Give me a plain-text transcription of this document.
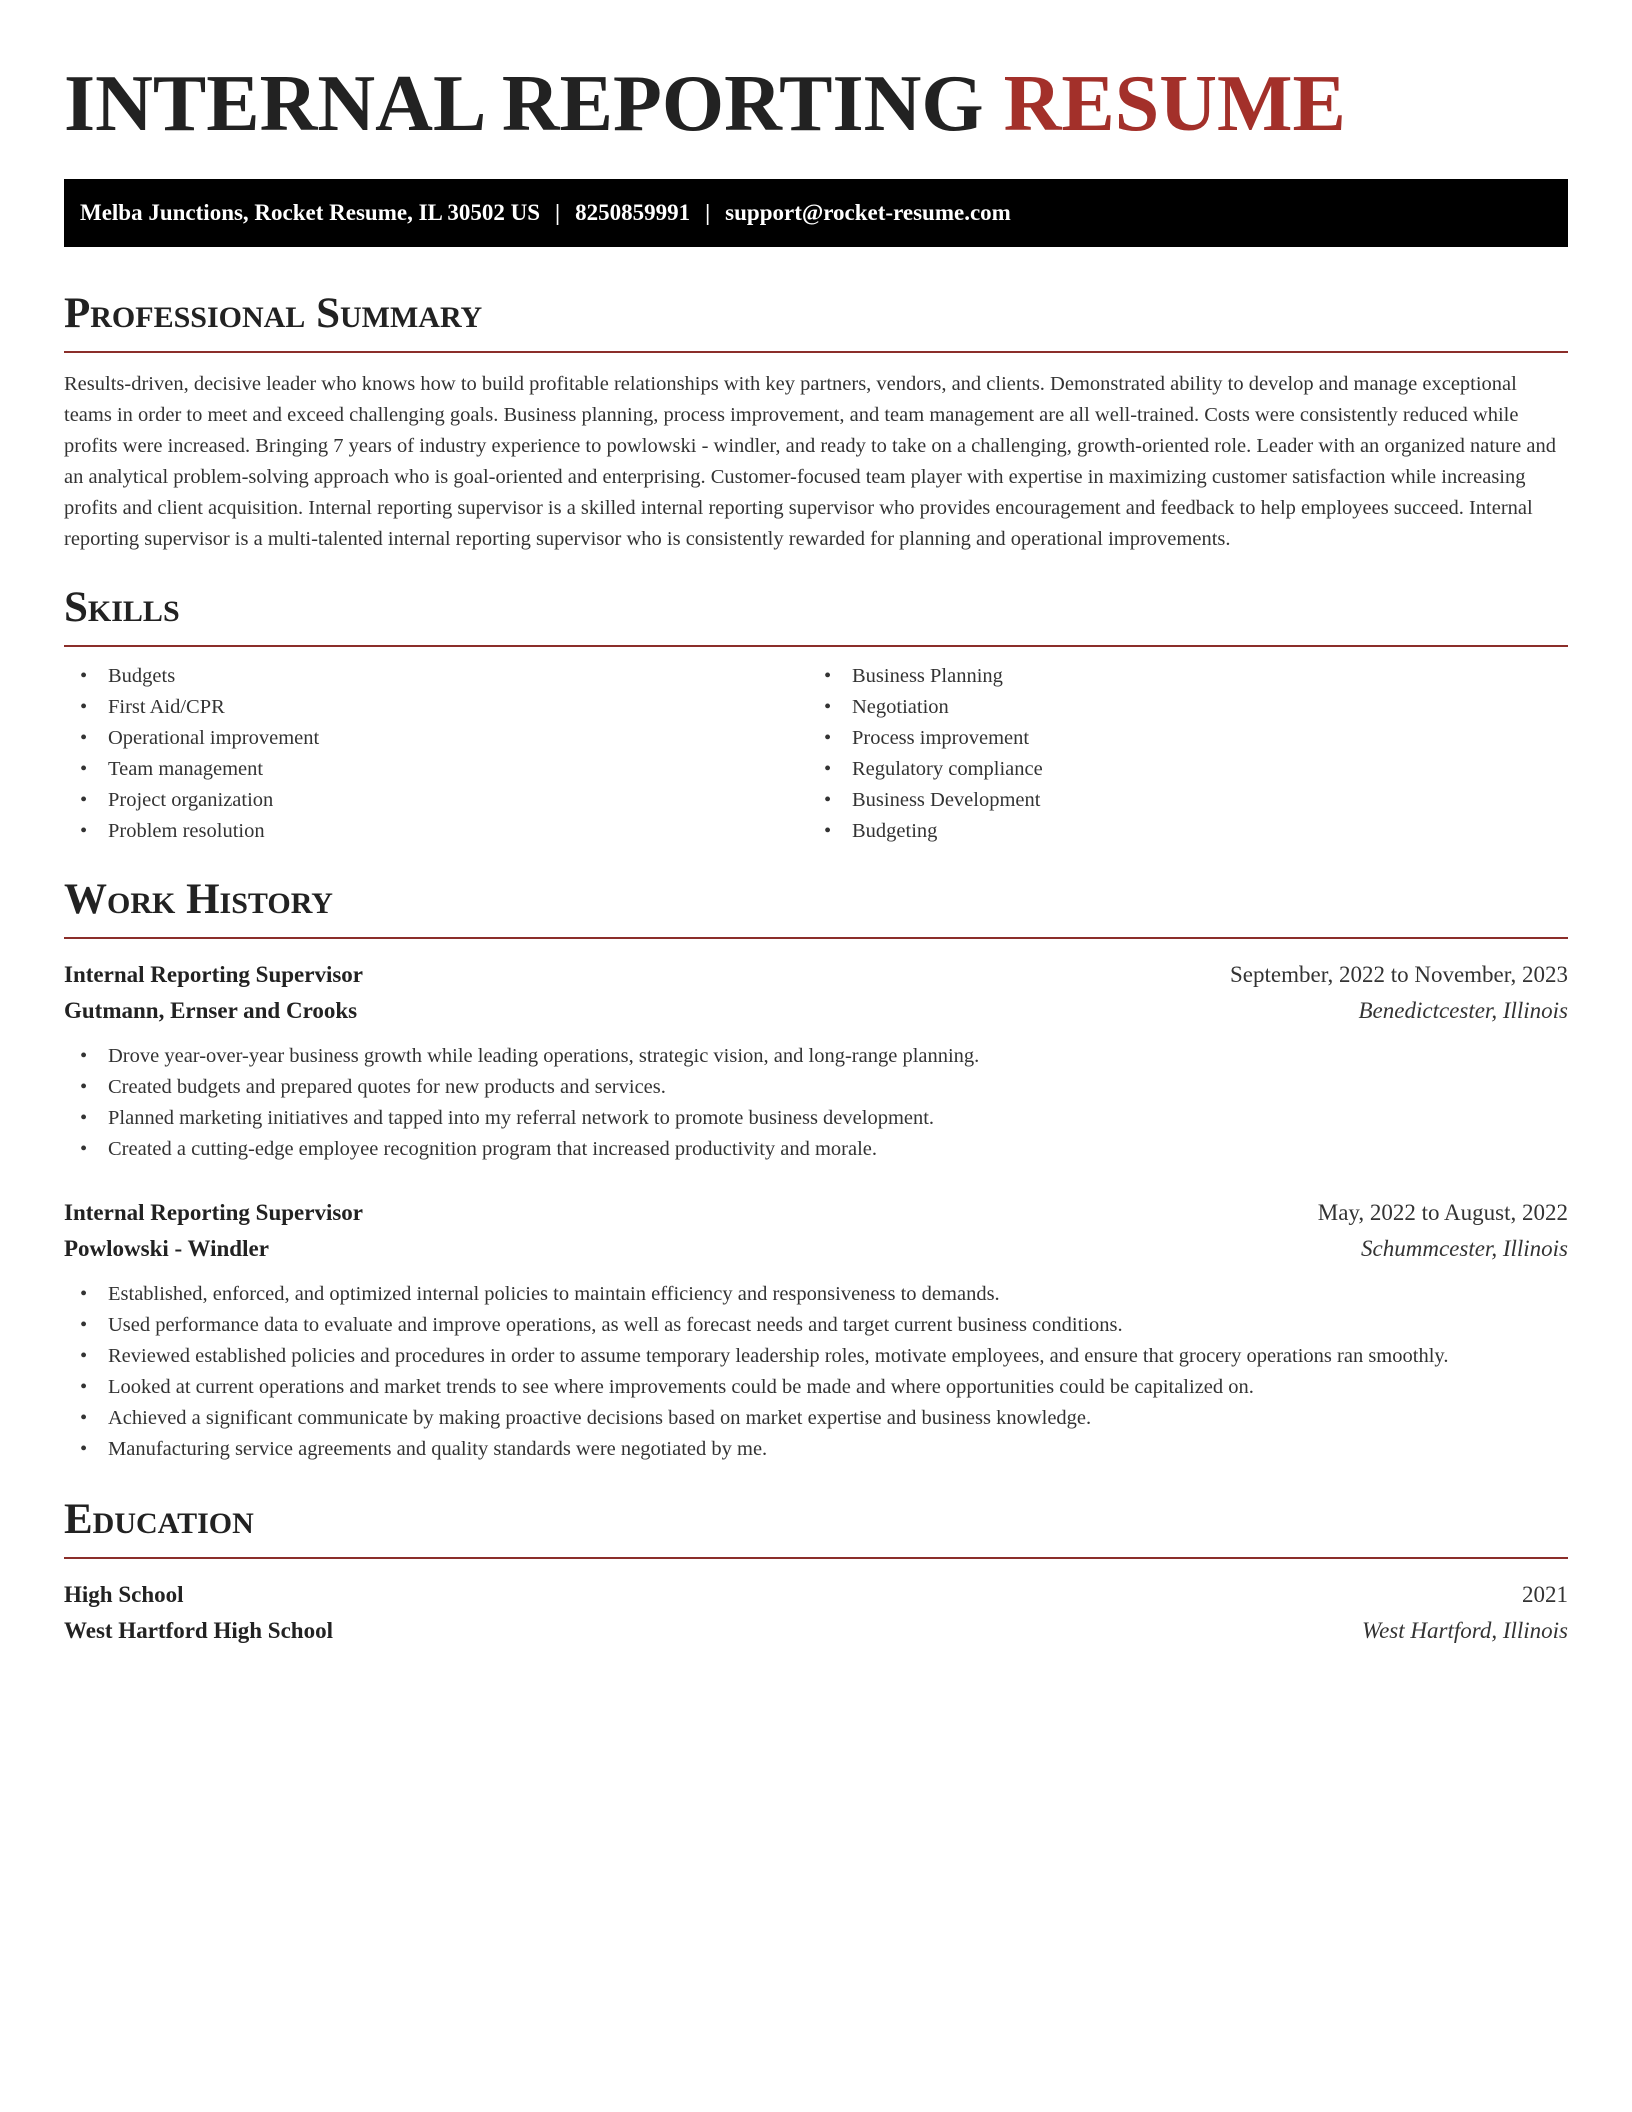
INTERNAL REPORTING RESUME
Melba Junctions, Rocket Resume, IL 30502 US | 8250859991 | support@rocket-resume.com
Professional Summary

Results-driven, decisive leader who knows how to build profitable relationships with key partners, vendors, and clients. Demonstrated ability to develop and manage exceptional teams in order to meet and exceed challenging goals. Business planning, process improvement, and team management are all well-trained. Costs were consistently reduced while profits were increased. Bringing 7 years of industry experience to powlowski - windler, and ready to take on a challenging, growth-oriented role. Leader with an organized nature and an analytical problem-solving approach who is goal-oriented and enterprising. Customer-focused team player with expertise in maximizing customer satisfaction while increasing profits and client acquisition. Internal reporting supervisor is a skilled internal reporting supervisor who provides encouragement and feedback to help employees succeed. Internal reporting supervisor is a multi-talented internal reporting supervisor who is consistently rewarded for planning and operational improvements.

Skills
• Budgets
• First Aid/CPR
• Operational improvement
• Team management
• Project organization
• Problem resolution
• Business Planning
• Negotiation
• Process improvement
• Regulatory compliance
• Business Development
• Budgeting
Work History
Internal Reporting Supervisor	September, 2022 to November, 2023
Gutmann, Ernser and Crooks	Benedictcester, Illinois
• Drove year-over-year business growth while leading operations, strategic vision, and long-range planning.
• Created budgets and prepared quotes for new products and services.
• Planned marketing initiatives and tapped into my referral network to promote business development.
• Created a cutting-edge employee recognition program that increased productivity and morale.
Internal Reporting Supervisor	May, 2022 to August, 2022
Powlowski - Windler	Schummcester, Illinois
• Established, enforced, and optimized internal policies to maintain efficiency and responsiveness to demands.
• Used performance data to evaluate and improve operations, as well as forecast needs and target current business conditions.
• Reviewed established policies and procedures in order to assume temporary leadership roles, motivate employees, and ensure that grocery operations ran smoothly.
• Looked at current operations and market trends to see where improvements could be made and where opportunities could be capitalized on.
• Achieved a significant communicate by making proactive decisions based on market expertise and business knowledge.
• Manufacturing service agreements and quality standards were negotiated by me.
Education
High School	2021
West Hartford High School	West Hartford, Illinois
